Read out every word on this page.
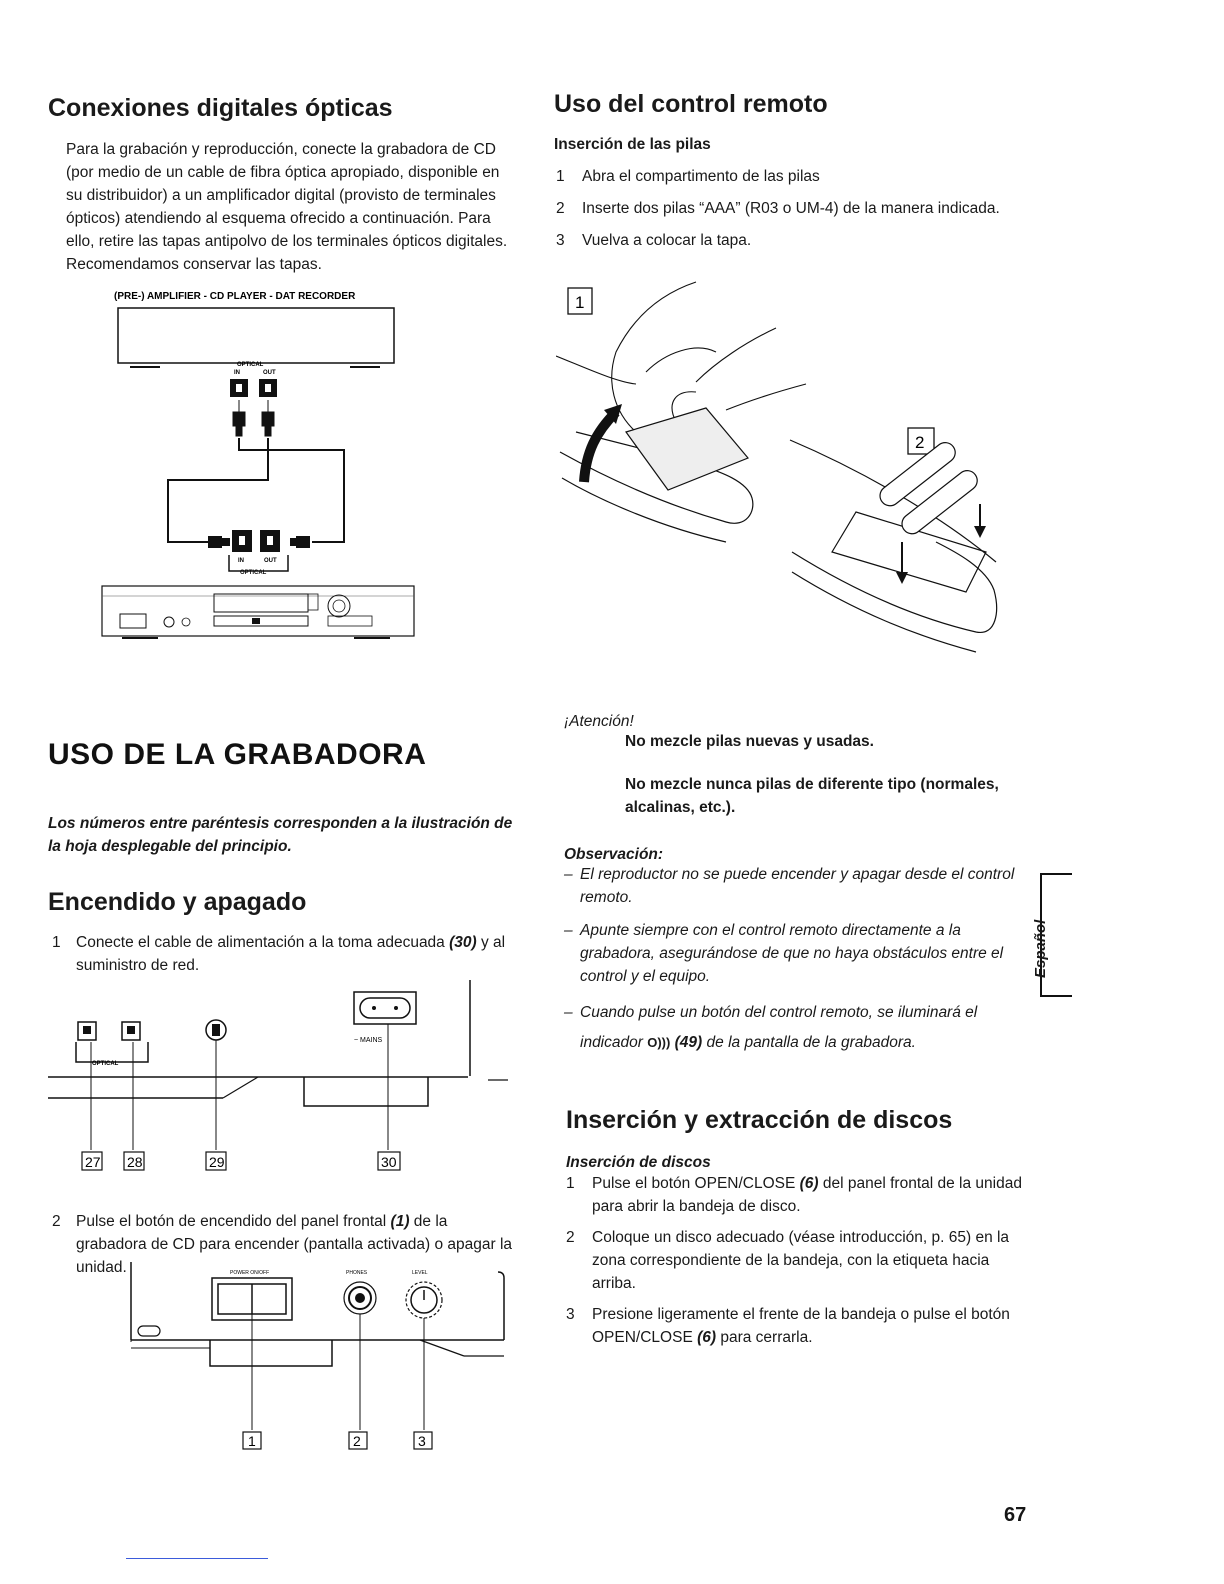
Conexiones digitales ópticas
Para la grabación y reproducción, conecte la grabadora de CD (por medio de un cable de fibra óptica apropiado, disponible en su distribuidor) a un amplificador digital (provisto de terminales ópticos) atendiendo al esquema ofrecido a continuación. Para ello, retire las tapas antipolvo de los terminales ópticos digitales. Recomendamos conservar las tapas.
(PRE-) AMPLIFIER - CD PLAYER - DAT RECORDER
OPTICAL
IN	OUT
IN	OUT
OPTICAL
USO DE LA GRABADORA
Los números entre paréntesis corresponden a la ilustración de la hoja desplegable del principio.
Encendido y apagado
1 Conecte el cable de alimentación a la toma adecuada (30) y al suministro de red.
OPTICAL
~ MAINS
27 28	29	30
2 Pulse el botón de encendido del panel frontal (1) de la grabadora de CD para encender (pantalla activada) o apagar la unidad.	POWER ON/OFF	PHONES	LEVEL
1	2	3
Uso del control remoto
Inserción de las pilas
1 Abra el compartimento de las pilas
2 Inserte dos pilas “AAA” (R03 o UM-4) de la manera indicada.
3 Vuelva a colocar la tapa.
1
2
¡Atención!
No mezcle pilas nuevas y usadas.
No mezcle nunca pilas de diferente tipo (normales, alcalinas, etc.).
Observación:
– El reproductor no se puede encender y apagar desde el control remoto.
– Apunte siempre con el control remoto directamente a la grabadora, asegurándose de que no haya obstáculos entre el control y el equipo.
– Cuando pulse un botón del control remoto, se iluminará el indicador O))) (49) de la pantalla de la grabadora.
Inserción y extracción de discos
Inserción de discos
1 Pulse el botón OPEN/CLOSE (6) del panel frontal de la unidad para abrir la bandeja de disco.
2 Coloque un disco adecuado (véase introducción, p. 65) en la zona correspondiente de la bandeja, con la etiqueta hacia arriba.
3 Presione ligeramente el frente de la bandeja o pulse el botón OPEN/CLOSE (6) para cerrarla.
Español
67
